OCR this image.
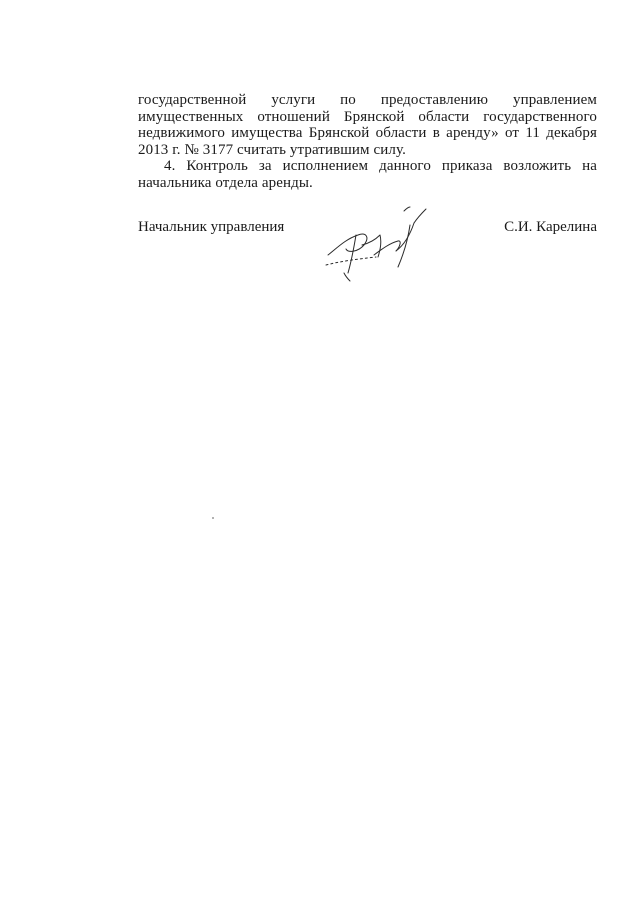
государственной услуги по предоставлению управлением имущественных отношений Брянской области государственного недвижимого имущества Брянской области в аренду» от 11 декабря 2013 г. № 3177 считать утратившим силу.

4. Контроль за исполнением данного приказа возложить на начальника отдела аренды.

Начальник управления	С.И. Карелина
